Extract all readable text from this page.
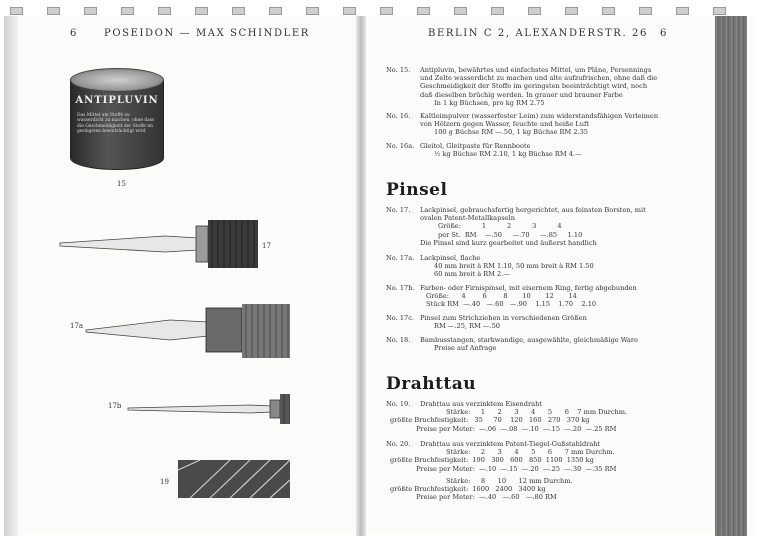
6	POSEIDON — MAX SCHINDLER
ANTIPLUVIN
Das Mittel um Stoffe zu wasserdicht zu machen, ohne dass die Geschmeidigkeit der Stoffe im geringsten beeinträchtigt wird
15
17
17a
17b
19
BERLIN C 2, ALEXANDERSTR. 26 6
No. 15. Antipluvin, bewährtes und einfachstes Mittel, um Pläne, Persennings
und Zelte wasserdicht zu machen und alte aufzufrischen, ohne daß die
Geschmeidigkeit der Stoffe im geringsten beeinträchtigt wird, noch
daß dieselben brüchig werden. In grauer und brauner Farbe
In 1 kg Büchsen, pro kg RM 2.75
No. 16. Kaltleimpulver (wasserfester Leim) zum widerstandsfähigen Verleimen
von Hölzern gegen Wasser, feuchte und heiße Luft
100 g Büchse RM —.50, 1 kg Büchse RM 2.35
No. 16a. Gleitol, Gleitpaste für Rennboote
½ kg Büchse RM 2.10, 1 kg Büchse RM 4.—
Pinsel
No. 17. Lackpinsel, gebrauchsfertig hergerichtet, aus feinsten Borsten, mit
ovalen Patent-Metallkapseln
Größe:          1          2          3          4
per St.  RM    —.50     —.70     —.85     1.10
Die Pinsel sind kurz gearbeitet und äußerst handlich
No. 17a. Lackpinsel, flache
40 mm breit à RM 1.10, 50 mm breit à RM 1.50
60 mm breit à RM 2.—
No. 17b. Farben- oder Firnispinsel, mit eisernem Ring, fertig abgebunden
Größe:      4        6        8       10       12       14
Stück RM  —.40   —.60   —.90    1.15    1.70    2.10
No. 17c. Pinsel zum Strichziehen in verschiedenen Größen
RM —.25, RM —.50
No. 18. Bambusstangen, starkwandige, ausgewählte, gleichmäßige Ware
Preise auf Anfrage
Drahttau
No. 19. Drahttau aus verzinktem Eisendraht
Stärke:     1      2      3      4      5      6    7 mm Durchm.
größte Bruchfestigkeit:   35     70    120   160   270   370 kg
Preise per Meter:  —.06  —.08  —.10  —.15  —.20  —.25 RM
No. 20. Drahttau aus verzinktem Patent-Tiegel-Gußstahldraht
Stärke:     2      3      4      5      6      7 mm Durchm.
größte Bruchfestigkeit:  190   300   600   850  1100  1350 kg
Preise per Meter:  —.10  —.15  —.20  —.25  —.30  —.35 RM
Stärke:     8      10      12 mm Durchm.
größte Bruchfestigkeit:  1600   2400   3400 kg
Preise per Meter:  —.40   —.60   —.80 RM
